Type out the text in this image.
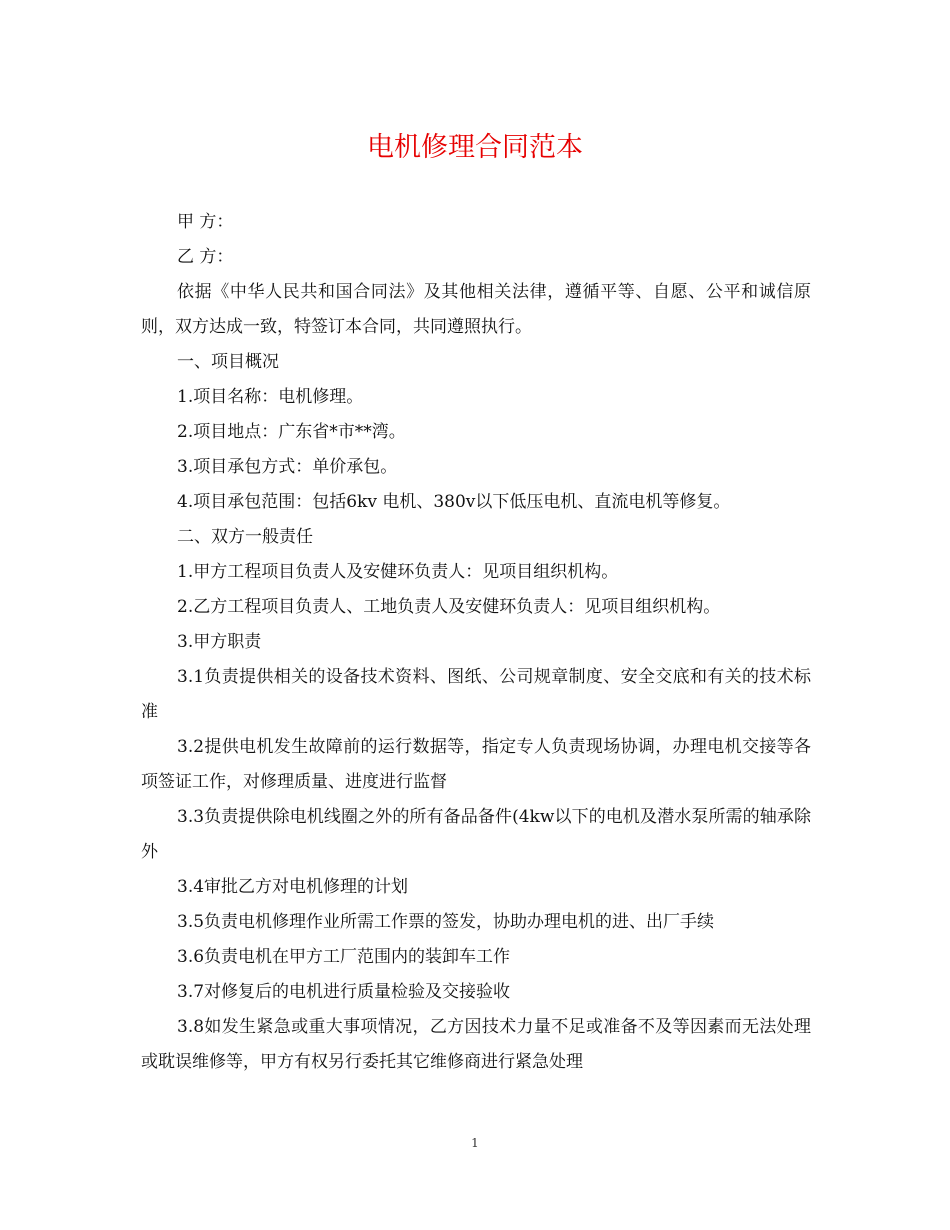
电机修理合同范本

甲 方：

乙 方：

依据《中华人民共和国合同法》及其他相关法律，遵循平等、自愿、公平和诚信原则，双方达成一致，特签订本合同，共同遵照执行。

一、项目概况

1.项目名称：电机修理。

2.项目地点：广东省*市**湾。

3.项目承包方式：单价承包。

4.项目承包范围：包括6kv 电机、380v以下低压电机、直流电机等修复。

二、双方一般责任

1.甲方工程项目负责人及安健环负责人：见项目组织机构。

2.乙方工程项目负责人、工地负责人及安健环负责人：见项目组织机构。

3.甲方职责

3.1负责提供相关的设备技术资料、图纸、公司规章制度、安全交底和有关的技术标准

3.2提供电机发生故障前的运行数据等，指定专人负责现场协调，办理电机交接等各项签证工作，对修理质量、进度进行监督

3.3负责提供除电机线圈之外的所有备品备件(4kw以下的电机及潜水泵所需的轴承除外

3.4审批乙方对电机修理的计划

3.5负责电机修理作业所需工作票的签发，协助办理电机的进、出厂手续

3.6负责电机在甲方工厂范围内的装卸车工作

3.7对修复后的电机进行质量检验及交接验收

3.8如发生紧急或重大事项情况，乙方因技术力量不足或准备不及等因素而无法处理或耽误维修等，甲方有权另行委托其它维修商进行紧急处理

1
